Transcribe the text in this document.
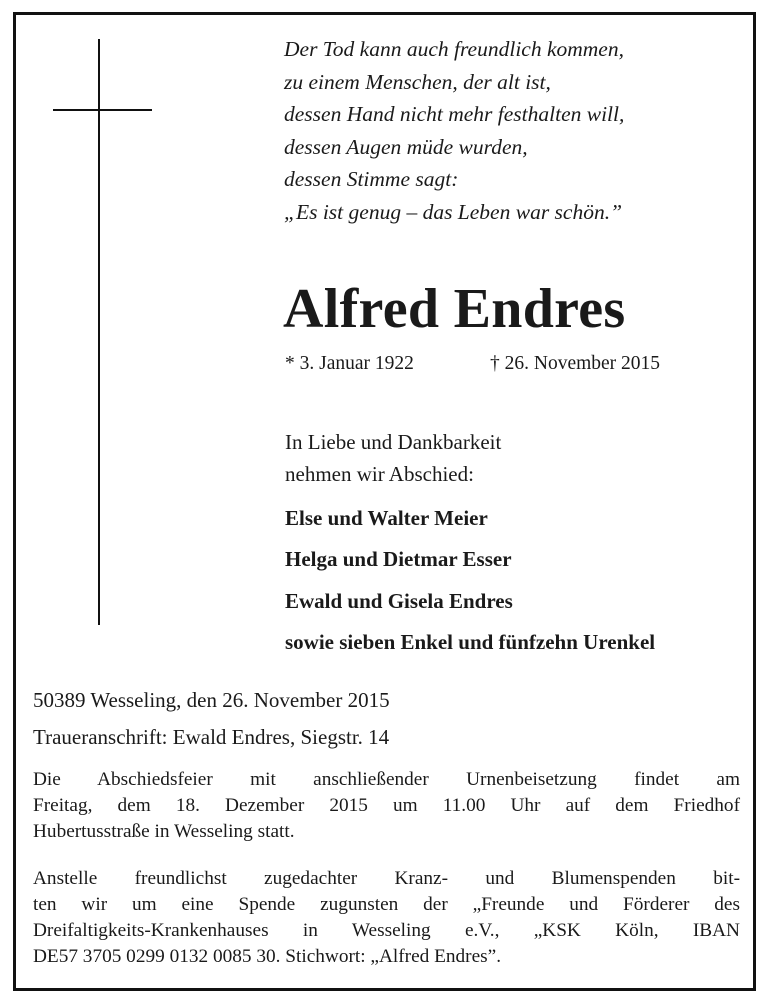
Der Tod kann auch freundlich kommen,
zu einem Menschen, der alt ist,
dessen Hand nicht mehr festhalten will,
dessen Augen müde wurden,
dessen Stimme sagt:
„Es ist genug – das Leben war schön.”
Alfred Endres
* 3. Januar 1922	† 26. November 2015
In Liebe und Dankbarkeit
nehmen wir Abschied:
Else und Walter Meier
Helga und Dietmar Esser
Ewald und Gisela Endres
sowie sieben Enkel und fünfzehn Urenkel
50389 Wesseling, den 26. November 2015
Traueranschrift: Ewald Endres, Siegstr. 14
Die Abschiedsfeier mit anschließender Urnenbeisetzung findet am
Freitag, dem 18. Dezember 2015 um 11.00 Uhr auf dem Friedhof
Hubertusstraße in Wesseling statt.
Anstelle freundlichst zugedachter Kranz- und Blumenspenden bit-
ten wir um eine Spende zugunsten der „Freunde und Förderer des
Dreifaltigkeits-Krankenhauses in Wesseling e.V., „KSK Köln, IBAN
DE57 3705 0299 0132 0085 30. Stichwort: „Alfred Endres”.
